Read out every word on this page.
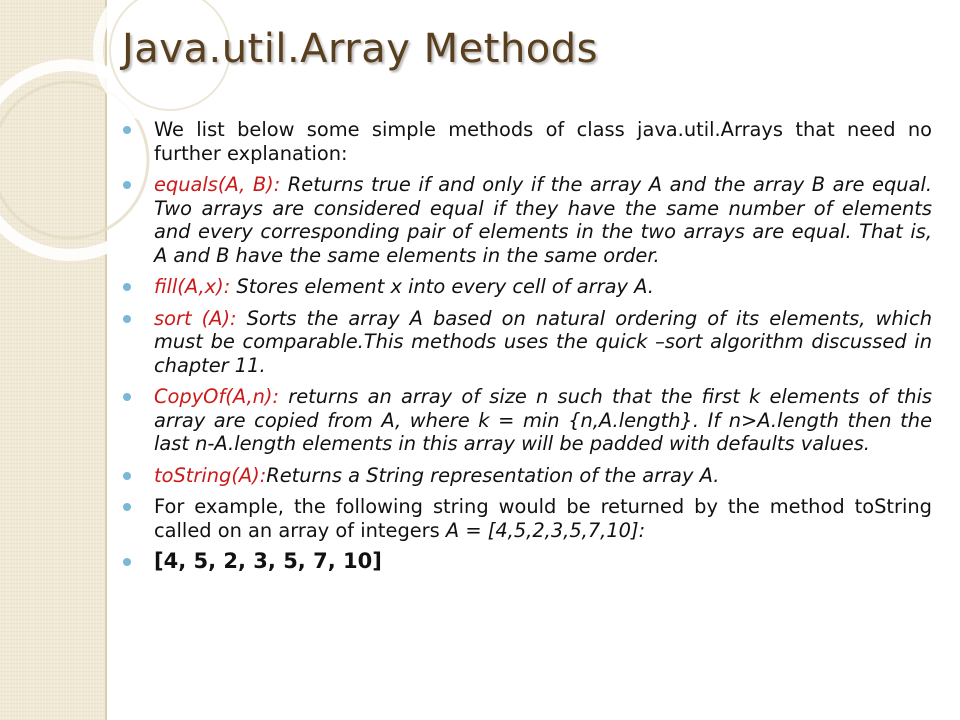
Java.util.Array Methods
We list below some simple methods of class java.util.Arrays that need no further explanation:
equals(A, B): Returns true if and only if the array A and the array B are equal. Two arrays are considered equal if they have the same number of elements and every corresponding pair of elements in the two arrays are equal. That is, A and B have the same elements in the same order.
fill(A,x): Stores element x into every cell of array A.
sort (A): Sorts the array A based on natural ordering of its elements, which must be comparable.This methods uses the quick –sort algorithm discussed in chapter 11.
CopyOf(A,n): returns an array of size n such that the first k elements of this array are copied from A, where k = min {n,A.length}. If n>A.length then the last n-A.length elements in this array will be padded with defaults values.
toString(A):Returns a String representation of the array A.
For example, the following string would be returned by the method toString called on an array of integers A = [4,5,2,3,5,7,10]:
[4, 5, 2, 3, 5, 7, 10]
